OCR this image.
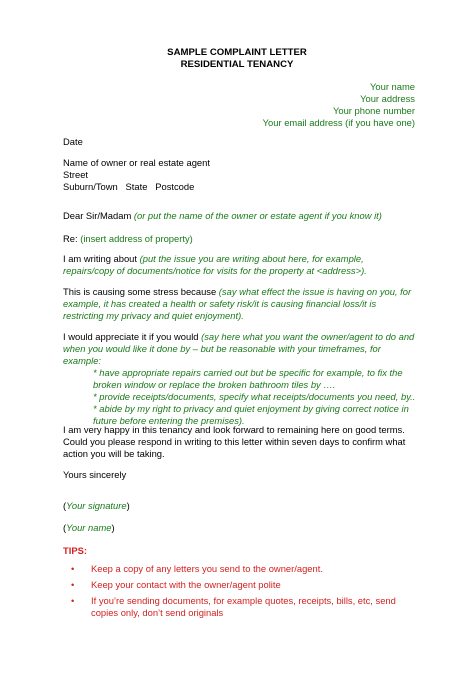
SAMPLE COMPLAINT LETTER
RESIDENTIAL TENANCY
Your name
Your address
Your phone number
Your email address (if you have one)
Date
Name of owner or real estate agent
Street
Suburn/Town   State   Postcode
Dear Sir/Madam (or put the name of the owner or estate agent if you know it)
Re: (insert address of property)
I am writing about (put the issue you are writing about here, for example,
repairs/copy of documents/notice for visits for the property at <address>).
This is causing some stress because (say what effect the issue is having on you, for
example, it has created a health or safety risk/it is causing financial loss/it is
restricting my privacy and quiet enjoyment).
I would appreciate it if you would (say here what you want the owner/agent to do and
when you would like it done by – but be reasonable with your timeframes, for
example:
* have appropriate repairs carried out but be specific for example, to fix the
broken window or replace the broken bathroom tiles by ….
* provide receipts/documents, specify what receipts/documents you need, by..
* abide by my right to privacy and quiet enjoyment by giving correct notice in
future before entering the premises).
I am very happy in this tenancy and look forward to remaining here on good terms.
Could you please respond in writing to this letter within seven days to confirm what
action you will be taking.
Yours sincerely
(Your signature)
(Your name)
TIPS:
• Keep a copy of any letters you send to the owner/agent.
• Keep your contact with the owner/agent polite
• If you’re sending documents, for example quotes, receipts, bills, etc, send copies only, don’t send originals
